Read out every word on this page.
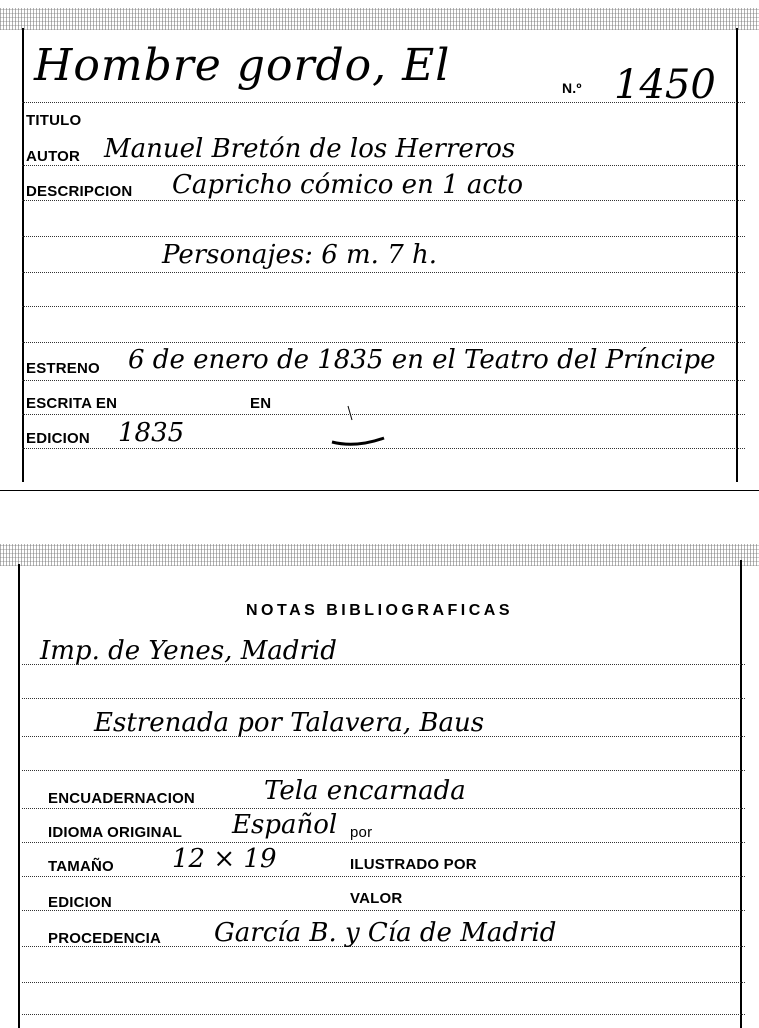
Hombre gordo, El	N.º 1450
TITULO
AUTOR Manuel Bretón de los Herreros
DESCRIPCION Capricho cómico en 1 acto
Personajes: 6 m. 7 h.
ESTRENO 6 de enero de 1835 en el Teatro del Príncipe
ESCRITA EN	EN
EDICION 1835
NOTAS BIBLIOGRAFICAS
Imp. de Yenes, Madrid
Estrenada por Talavera, Baus
ENCUADERNACION	Tela encarnada
IDIOMA ORIGINAL Español por
TAMAÑO 12 × 19	ILUSTRADO POR
EDICION	VALOR
PROCEDENCIA García B. y Cía de Madrid
